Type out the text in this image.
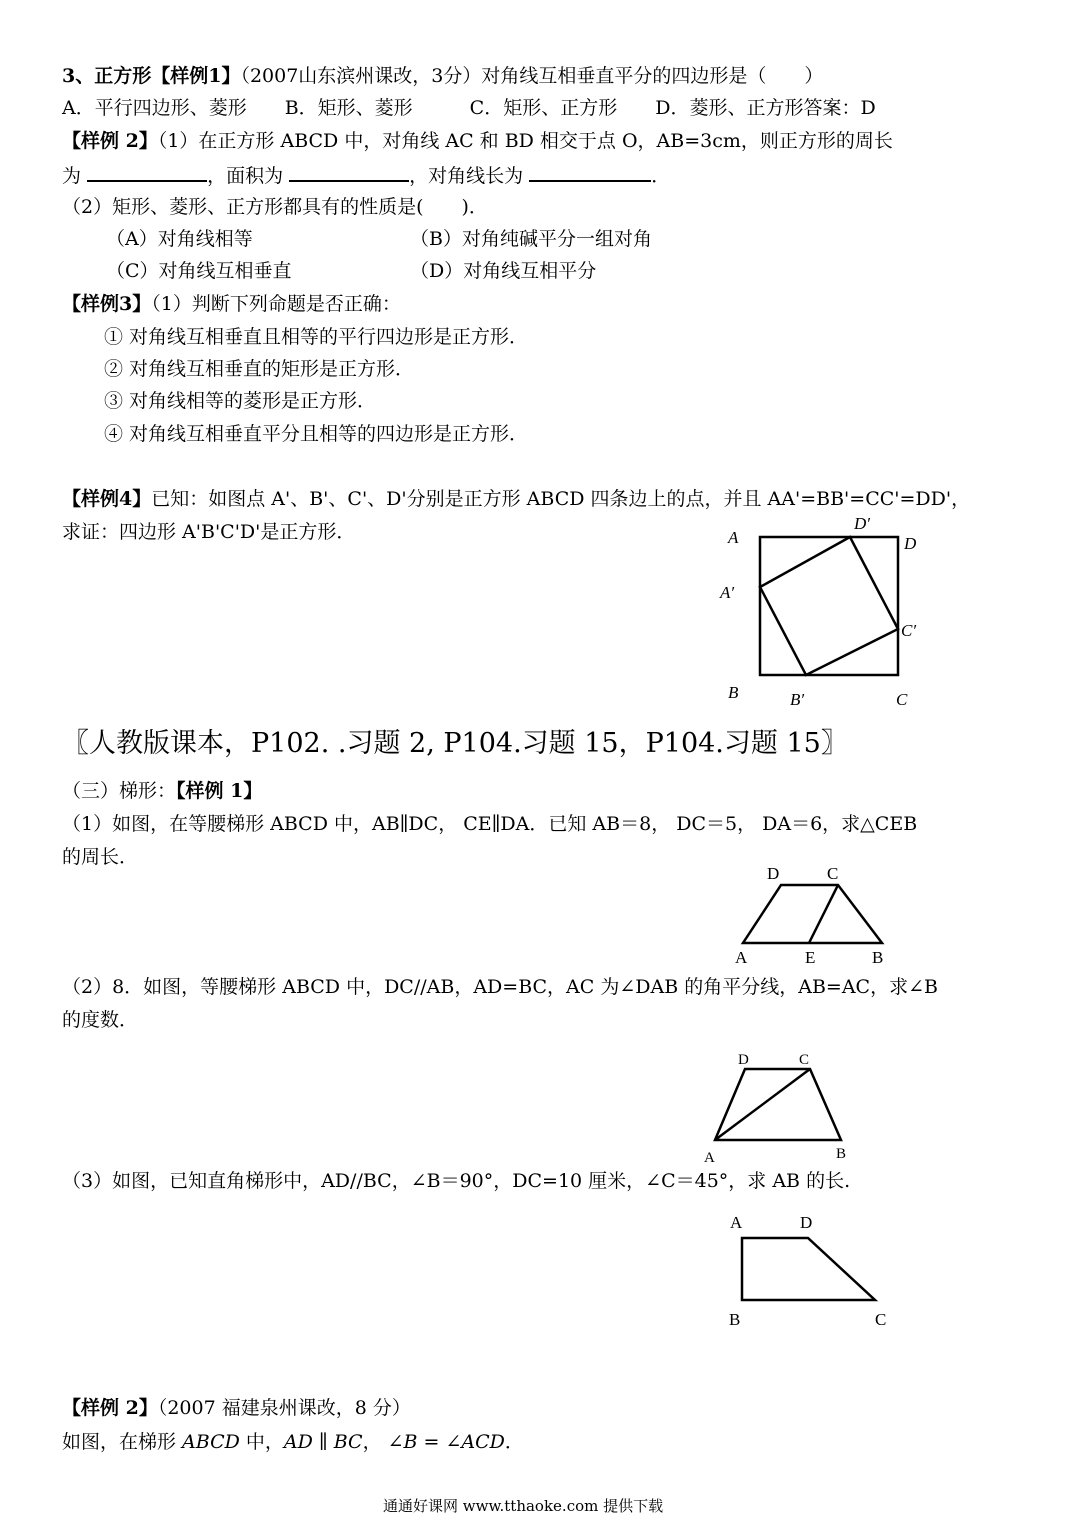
3、正方形【样例1】（2007山东滨州课改，3分）对角线互相垂直平分的四边形是（　　）
A．平行四边形、菱形　　B．矩形、菱形　　　C．矩形、正方形　　D．菱形、正方形答案：D
【样例 2】（1）在正方形 ABCD 中，对角线 AC 和 BD 相交于点 O，AB=3cm，则正方形的周长
为	，面积为	，对角线长为	．
（2）矩形、菱形、正方形都具有的性质是(　　)．
（A）对角线相等	（B）对角纯碱平分一组对角
（C）对角线互相垂直	（D）对角线互相平分
【样例3】（1）判断下列命题是否正确：
① 对角线互相垂直且相等的平行四边形是正方形．
② 对角线互相垂直的矩形是正方形．
③ 对角线相等的菱形是正方形．
④ 对角线互相垂直平分且相等的四边形是正方形．
【样例4】已知：如图点 A'、B'、C'、D'分别是正方形 ABCD 四条边上的点，并且 AA'=BB'=CC'=DD'，
求证：四边形 A'B'C'D'是正方形．	A	D
D′
A′
C′
B	B′	C
〖人教版课本，P102. .习题 2, P104.习题 15，P104.习题 15〗
（三）梯形：【样例 1】
（1）如图，在等腰梯形 ABCD 中，AB∥DC， CE∥DA．已知 AB＝8， DC＝5， DA＝6，求△CEB
的周长．
D	C
A	E	B
（2）8．如图，等腰梯形 ABCD 中，DC//AB，AD=BC，AC 为∠DAB 的角平分线，AB=AC，求∠B
的度数．
D	C
A	B
（3）如图，已知直角梯形中，AD//BC，∠B＝90°，DC=10 厘米，∠C＝45°，求 AB 的长.
A	D
B	C
【样例 2】（2007 福建泉州课改，8 分）
如图，在梯形 ABCD 中，AD ∥ BC， ∠B = ∠ACD．
通通好课网 www.tthaoke.com 提供下载
